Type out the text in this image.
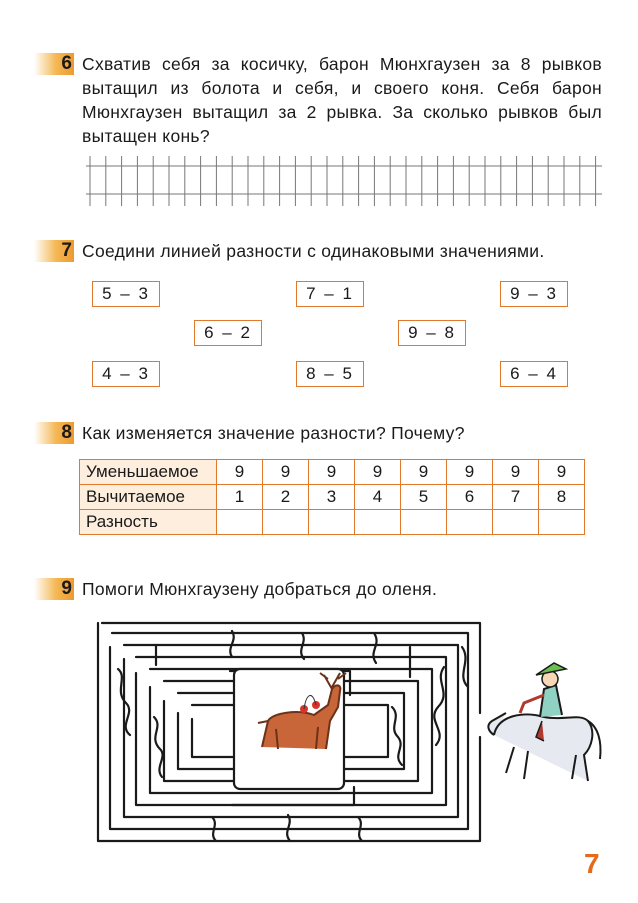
6 Схватив себя за косичку, барон Мюнхгаузен за 8 рывков
вытащил из болота и себя, и своего коня. Себя барон
Мюнхгаузен вытащил за 2 рывка. За сколько рывков был
вытащен конь?
7 Соедини линией разности с одинаковыми значениями.
5 – 3	7 – 1	9 – 3
6 – 2	9 – 8
4 – 3	8 – 5	6 – 4
8 Как изменяется значение разности? Почему?
Уменьшаемое	9	9	9	9	9	9	9	9
Вычитаемое	1	2	3	4	5	6	7	8
Разность								
9 Помоги Мюнхгаузену добраться до оленя.
7
